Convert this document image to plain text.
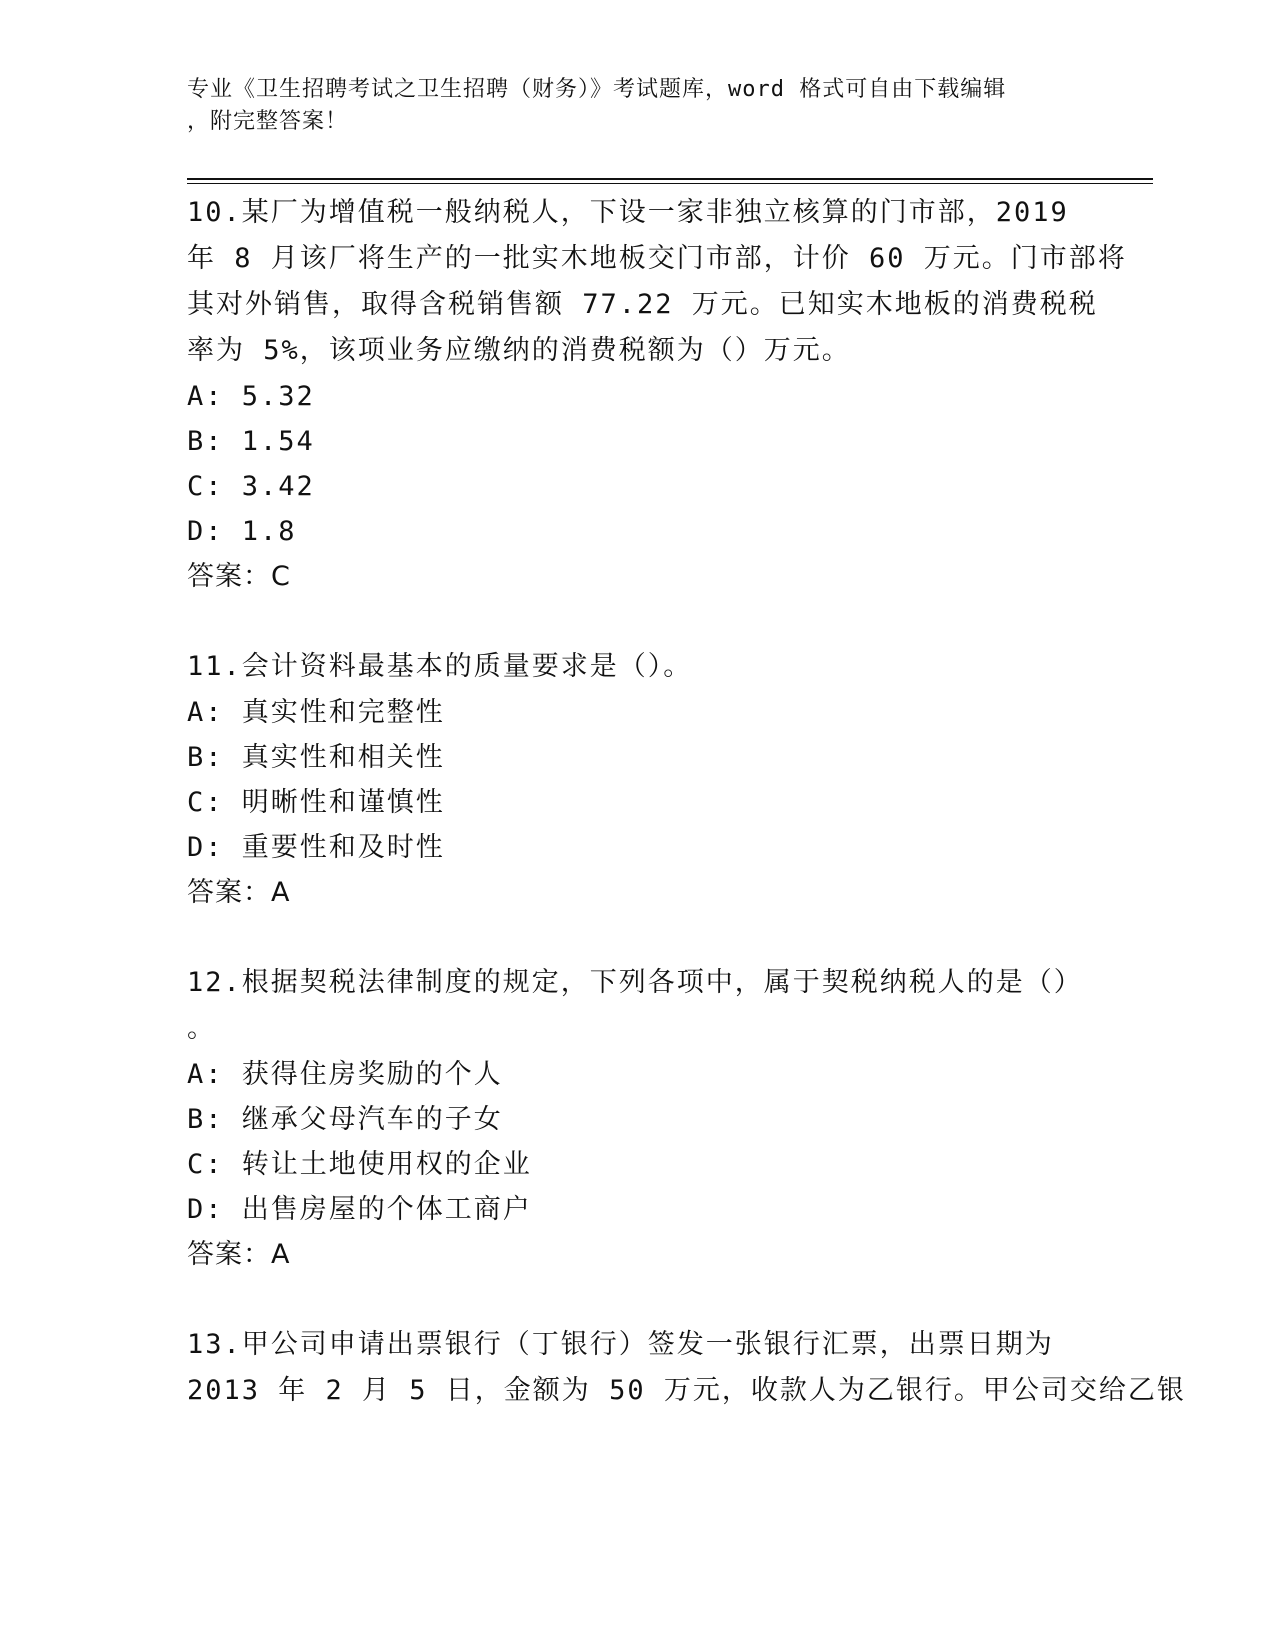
专业《卫生招聘考试之卫生招聘（财务）》考试题库，word 格式可自由下载编辑
，附完整答案！
10.某厂为增值税一般纳税人，下设一家非独立核算的门市部，2019
年 8 月该厂将生产的一批实木地板交门市部，计价 60 万元。门市部将
其对外销售，取得含税销售额 77.22 万元。已知实木地板的消费税税
率为 5%，该项业务应缴纳的消费税额为（）万元。
A: 5.32
B: 1.54
C: 3.42
D: 1.8
答案：C
11.会计资料最基本的质量要求是（）。
A: 真实性和完整性
B: 真实性和相关性
C: 明晰性和谨慎性
D: 重要性和及时性
答案：A
12.根据契税法律制度的规定，下列各项中，属于契税纳税人的是（）
。
A: 获得住房奖励的个人
B: 继承父母汽车的子女
C: 转让土地使用权的企业
D: 出售房屋的个体工商户
答案：A
13.甲公司申请出票银行（丁银行）签发一张银行汇票，出票日期为
2013 年 2 月 5 日，金额为 50 万元，收款人为乙银行。甲公司交给乙银
